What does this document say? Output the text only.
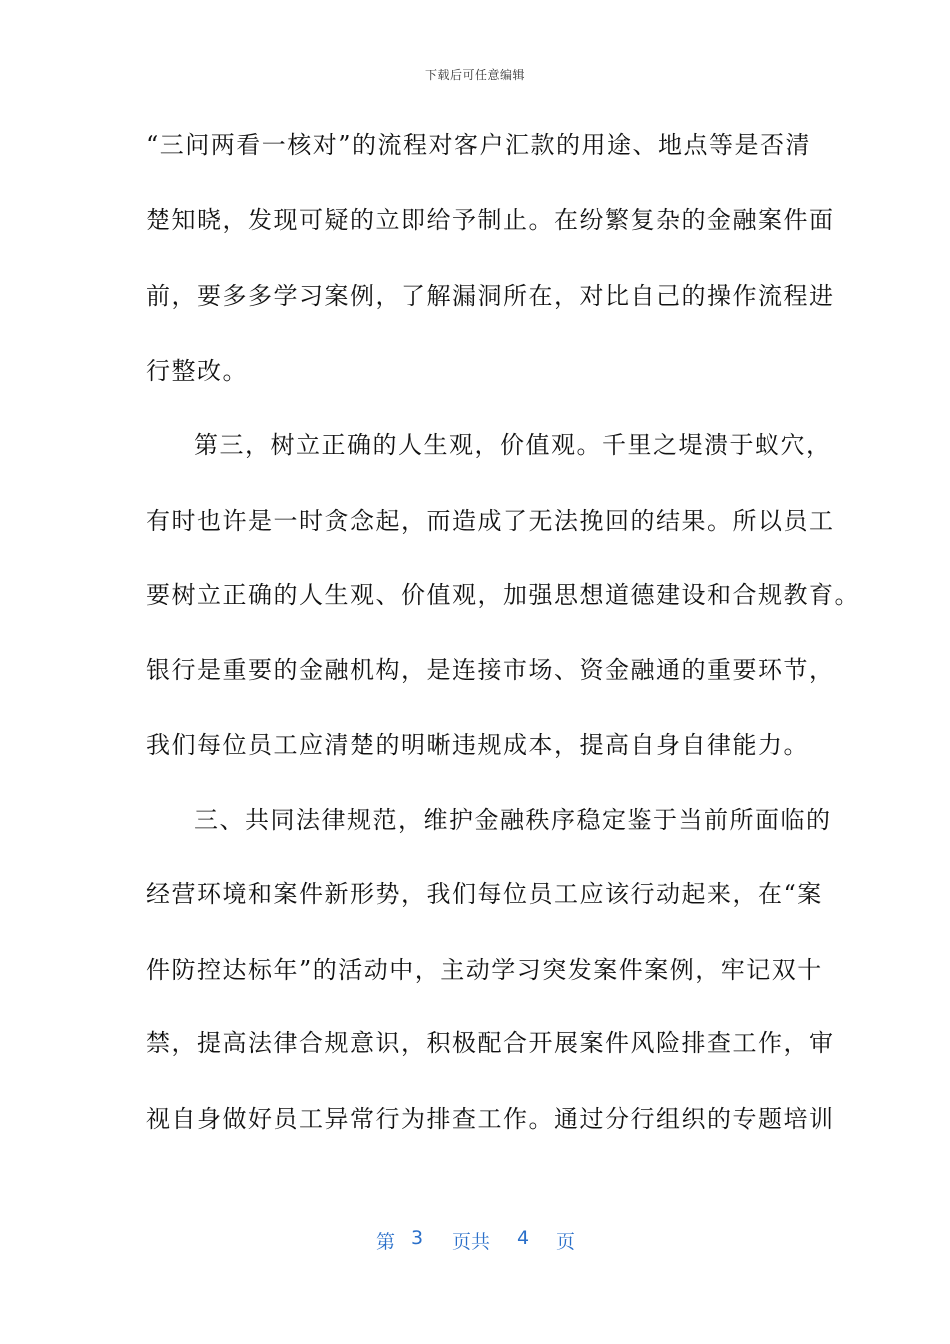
下载后可任意编辑

“三问两看一核对”的流程对客户汇款的用途、地点等是否清

楚知晓，发现可疑的立即给予制止。在纷繁复杂的金融案件面

前，要多多学习案例，了解漏洞所在，对比自己的操作流程进

行整改。

第三，树立正确的人生观，价值观。千里之堤溃于蚁穴，

有时也许是一时贪念起，而造成了无法挽回的结果。所以员工

要树立正确的人生观、价值观，加强思想道德建设和合规教育。

银行是重要的金融机构，是连接市场、资金融通的重要环节，

我们每位员工应清楚的明晰违规成本，提高自身自律能力。

三、共同法律规范，维护金融秩序稳定鉴于当前所面临的

经营环境和案件新形势，我们每位员工应该行动起来，在“案

件防控达标年”的活动中，主动学习突发案件案例，牢记双十

禁，提高法律合规意识，积极配合开展案件风险排查工作，审

视自身做好员工异常行为排查工作。通过分行组织的专题培训

第 3 页共 4 页
